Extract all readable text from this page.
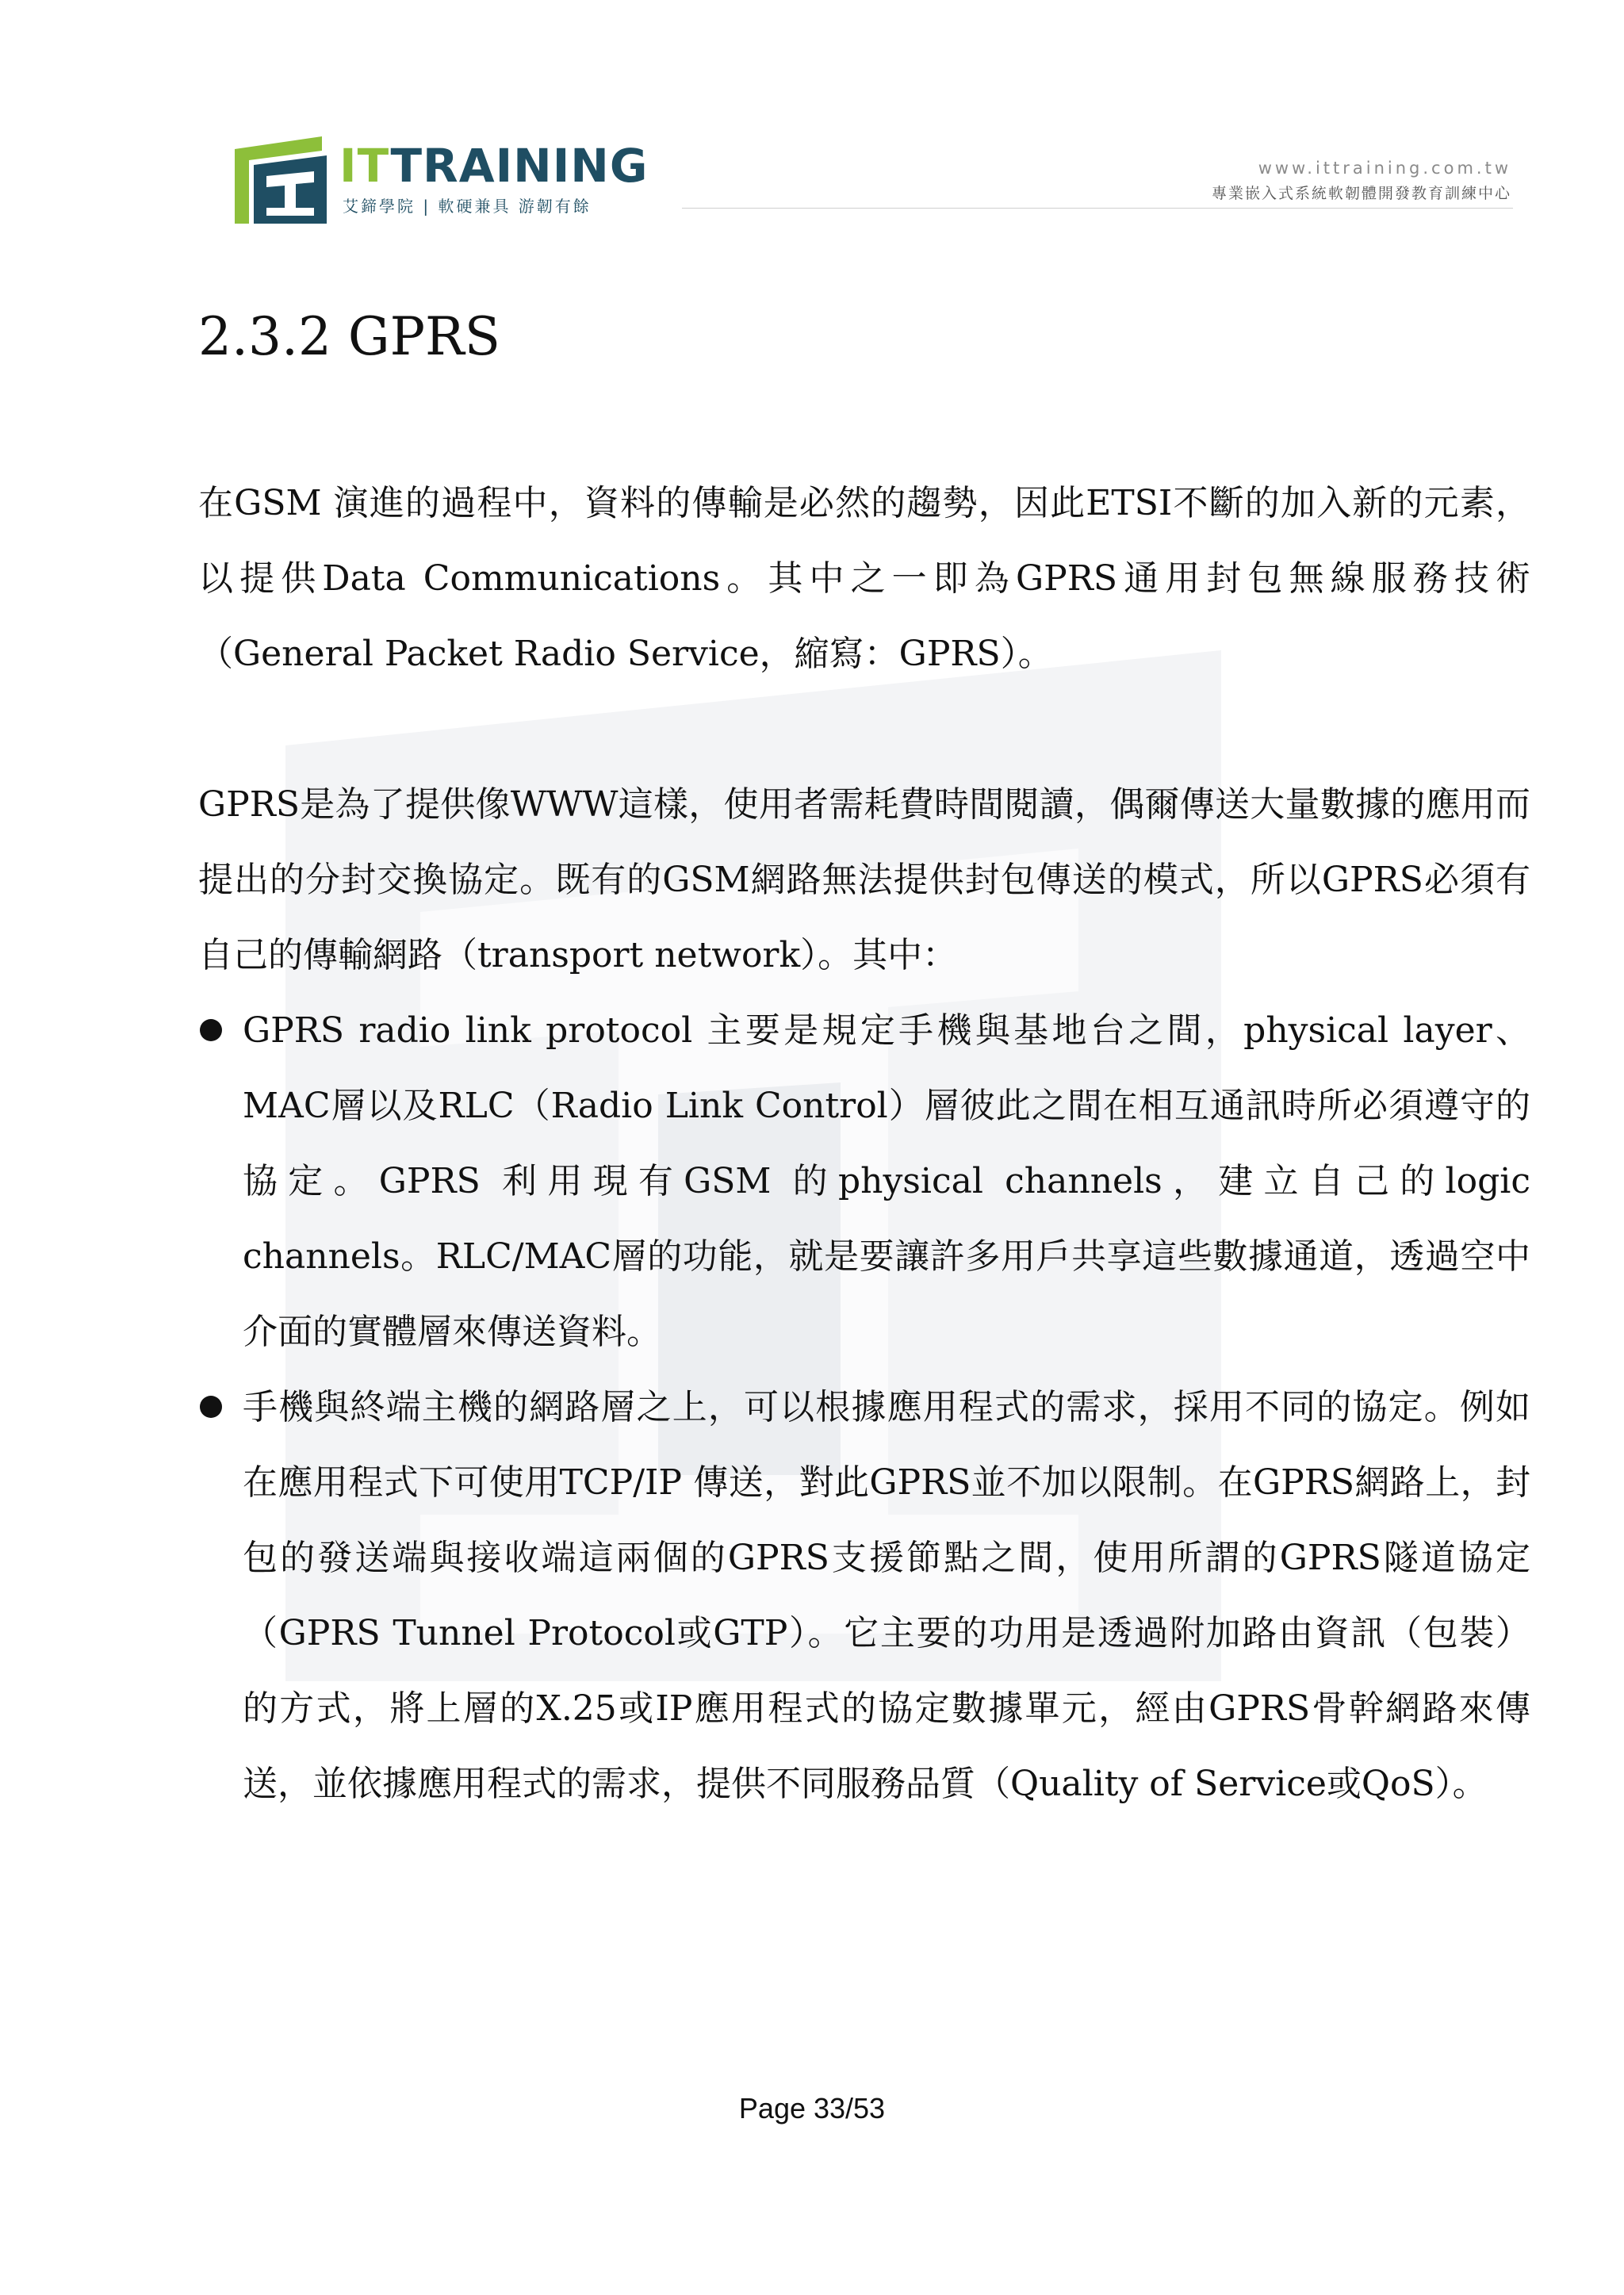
ITTRAINING
艾鍗學院 | 軟硬兼具 游韌有餘
www.ittraining.com.tw
專業嵌入式系統軟韌體開發教育訓練中心
2.3.2 GPRS

在GSM 演進的過程中，資料的傳輸是必然的趨勢，因此ETSI不斷的加入新的元素，以提供Data Communications。其中之一即為GPRS通用封包無線服務技術（General Packet Radio Service，縮寫：GPRS）。

GPRS是為了提供像WWW這樣，使用者需耗費時間閱讀，偶爾傳送大量數據的應用而提出的分封交換協定。既有的GSM網路無法提供封包傳送的模式，所以GPRS必須有自己的傳輸網路（transport network）。其中：

GPRS radio link protocol 主要是規定手機與基地台之間，physical layer、MAC層以及RLC（Radio Link Control）層彼此之間在相互通訊時所必須遵守的協定。GPRS 利用現有GSM 的physical channels，建立自己的logic channels。RLC/MAC層的功能，就是要讓許多用戶共享這些數據通道，透過空中介面的實體層來傳送資料。
手機與終端主機的網路層之上，可以根據應用程式的需求，採用不同的協定。例如在應用程式下可使用TCP/IP 傳送，對此GPRS並不加以限制。在GPRS網路上，封包的發送端與接收端這兩個的GPRS支援節點之間，使用所謂的GPRS隧道協定（GPRS Tunnel Protocol或GTP）。它主要的功用是透過附加路由資訊（包裝）的方式，將上層的X.25或IP應用程式的協定數據單元，經由GPRS骨幹網路來傳送，並依據應用程式的需求，提供不同服務品質（Quality of Service或QoS）。
Page 33/53
